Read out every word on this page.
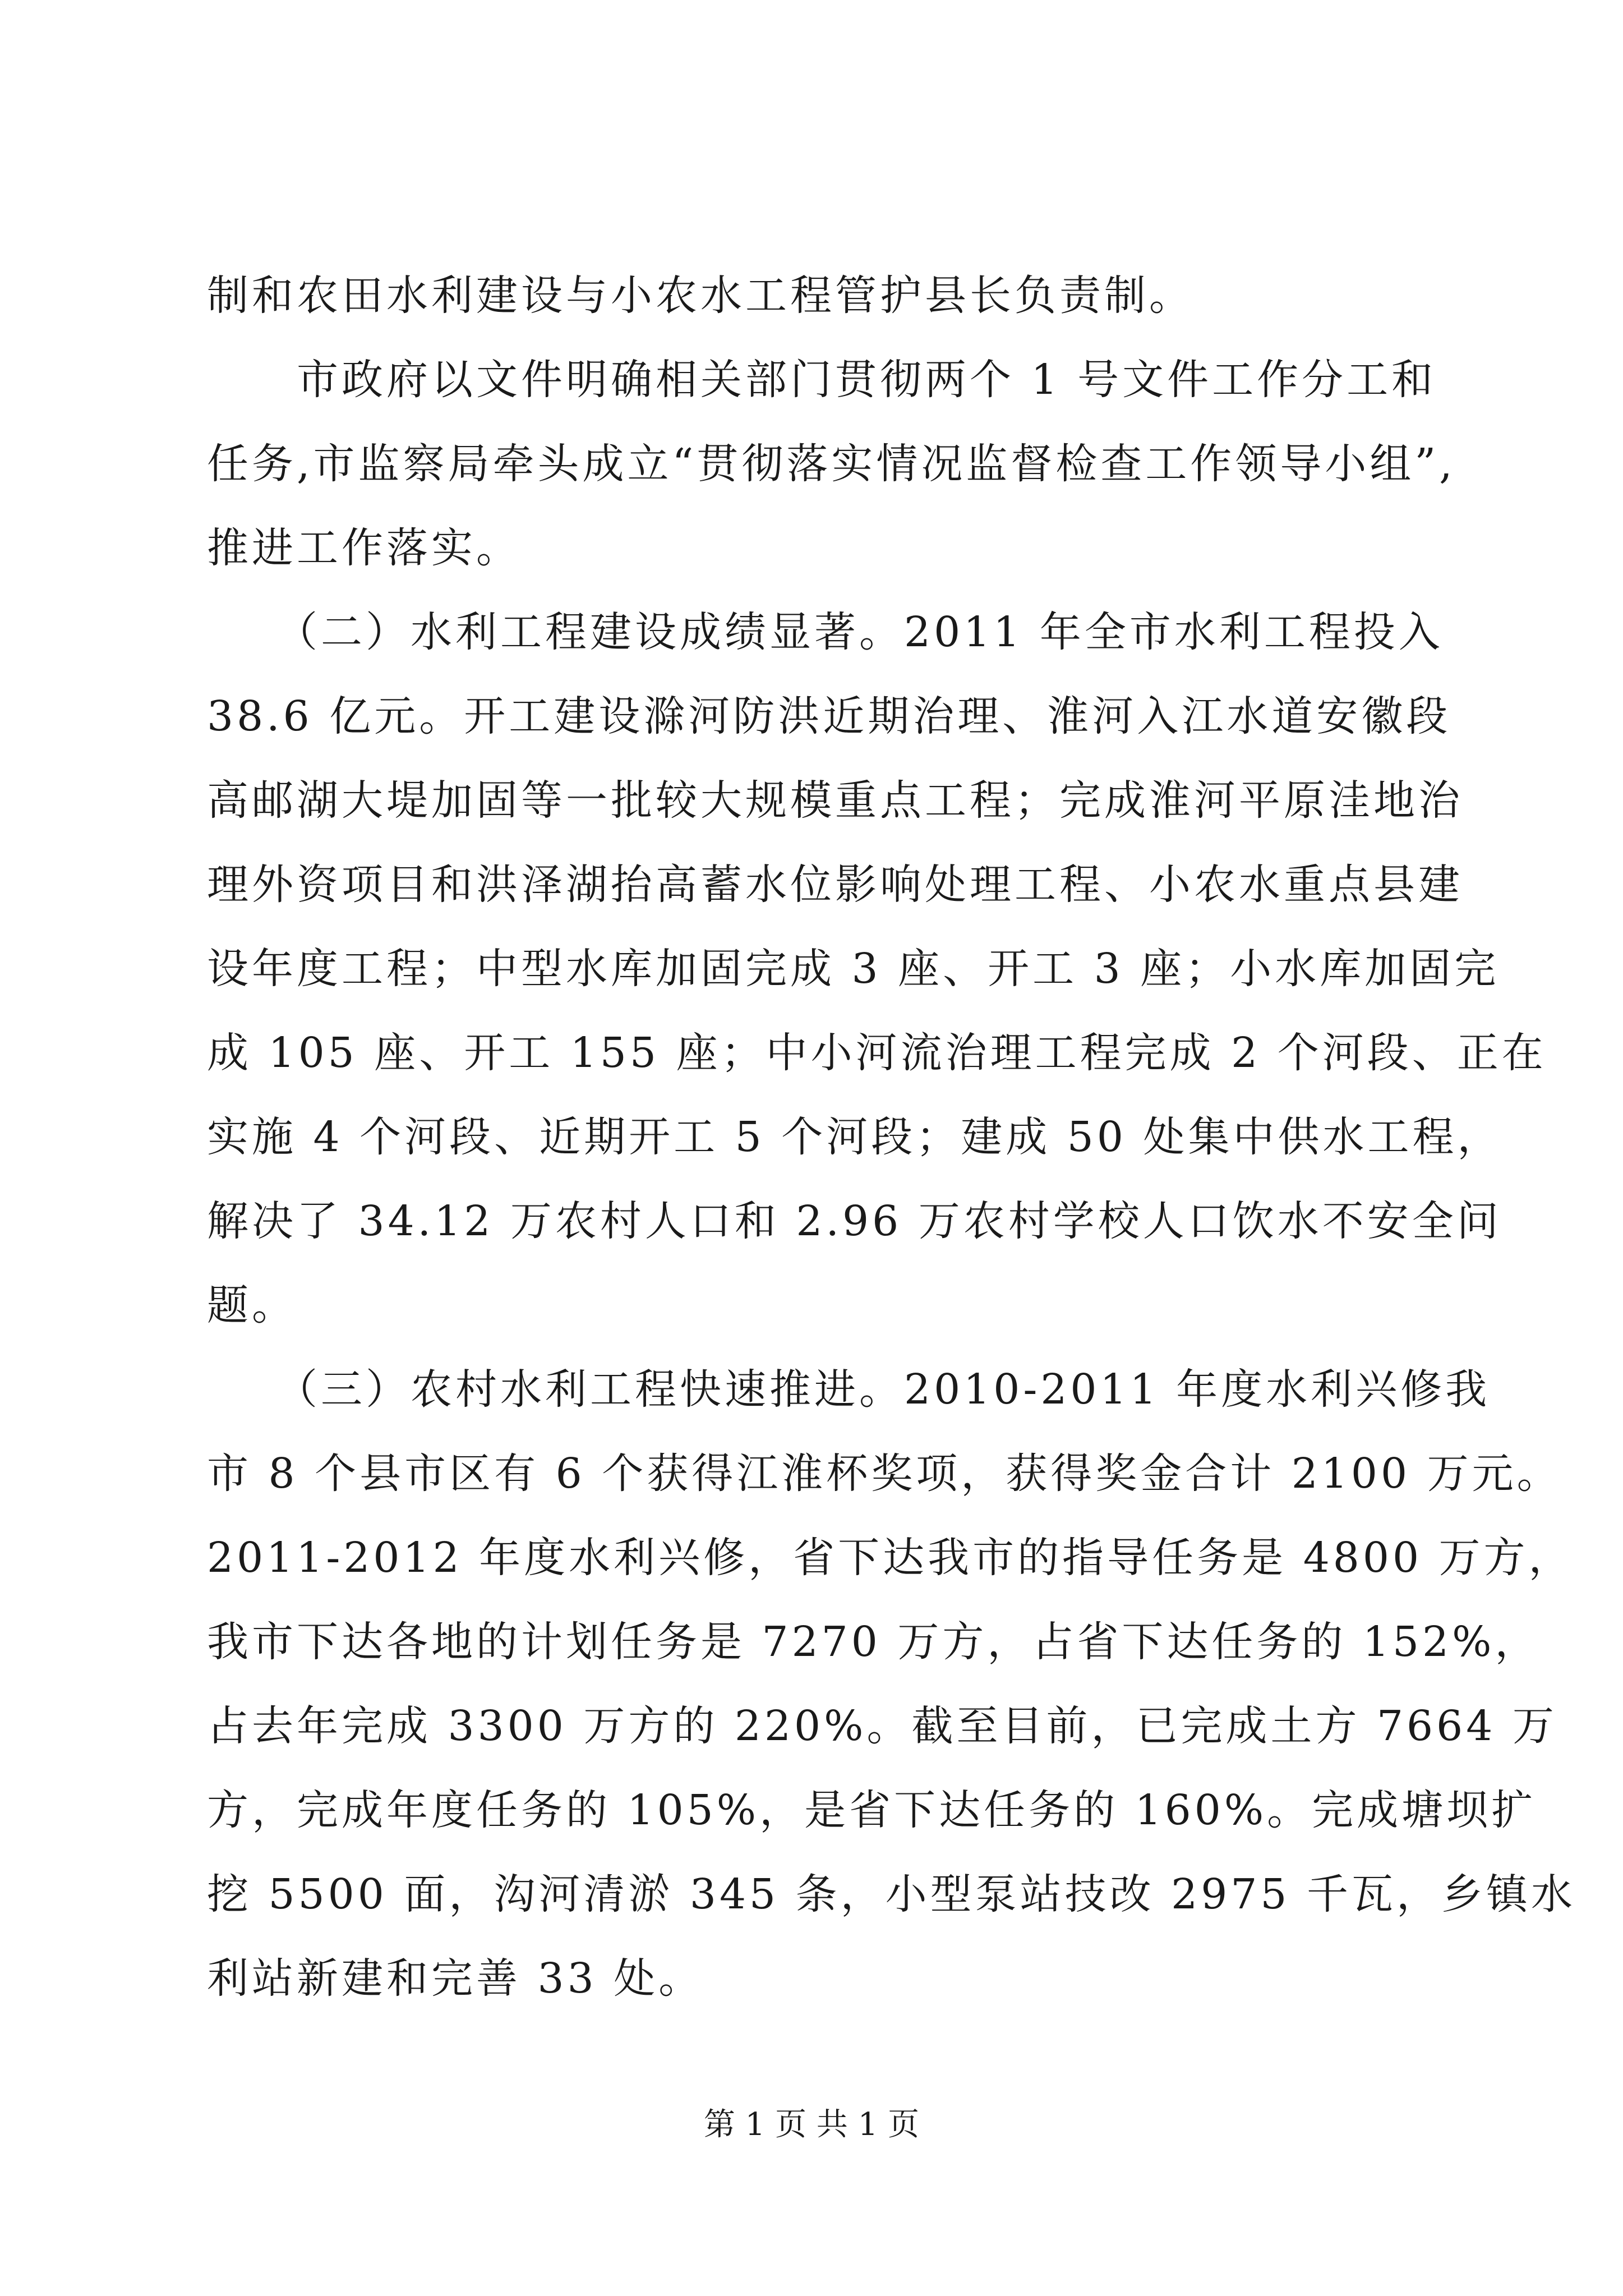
制和农田水利建设与小农水工程管护县长负责制。
　　市政府以文件明确相关部门贯彻两个 1 号文件工作分工和
任务,市监察局牵头成立“贯彻落实情况监督检查工作领导小组”,
推进工作落实。
　　（二）水利工程建设成绩显著。2011 年全市水利工程投入
38.6 亿元。开工建设滁河防洪近期治理、淮河入江水道安徽段
高邮湖大堤加固等一批较大规模重点工程；完成淮河平原洼地治
理外资项目和洪泽湖抬高蓄水位影响处理工程、小农水重点县建
设年度工程；中型水库加固完成 3 座、开工 3 座；小水库加固完
成 105 座、开工 155 座；中小河流治理工程完成 2 个河段、正在
实施 4 个河段、近期开工 5 个河段；建成 50 处集中供水工程，
解决了 34.12 万农村人口和 2.96 万农村学校人口饮水不安全问
题。
　　（三）农村水利工程快速推进。2010-2011 年度水利兴修我
市 8 个县市区有 6 个获得江淮杯奖项，获得奖金合计 2100 万元。
2011-2012 年度水利兴修，省下达我市的指导任务是 4800 万方，
我市下达各地的计划任务是 7270 万方，占省下达任务的 152%，
占去年完成 3300 万方的 220%。截至目前，已完成土方 7664 万
方，完成年度任务的 105%，是省下达任务的 160%。完成塘坝扩
挖 5500 面，沟河清淤 345 条，小型泵站技改 2975 千瓦，乡镇水
利站新建和完善 33 处。
第 1 页 共 1 页
